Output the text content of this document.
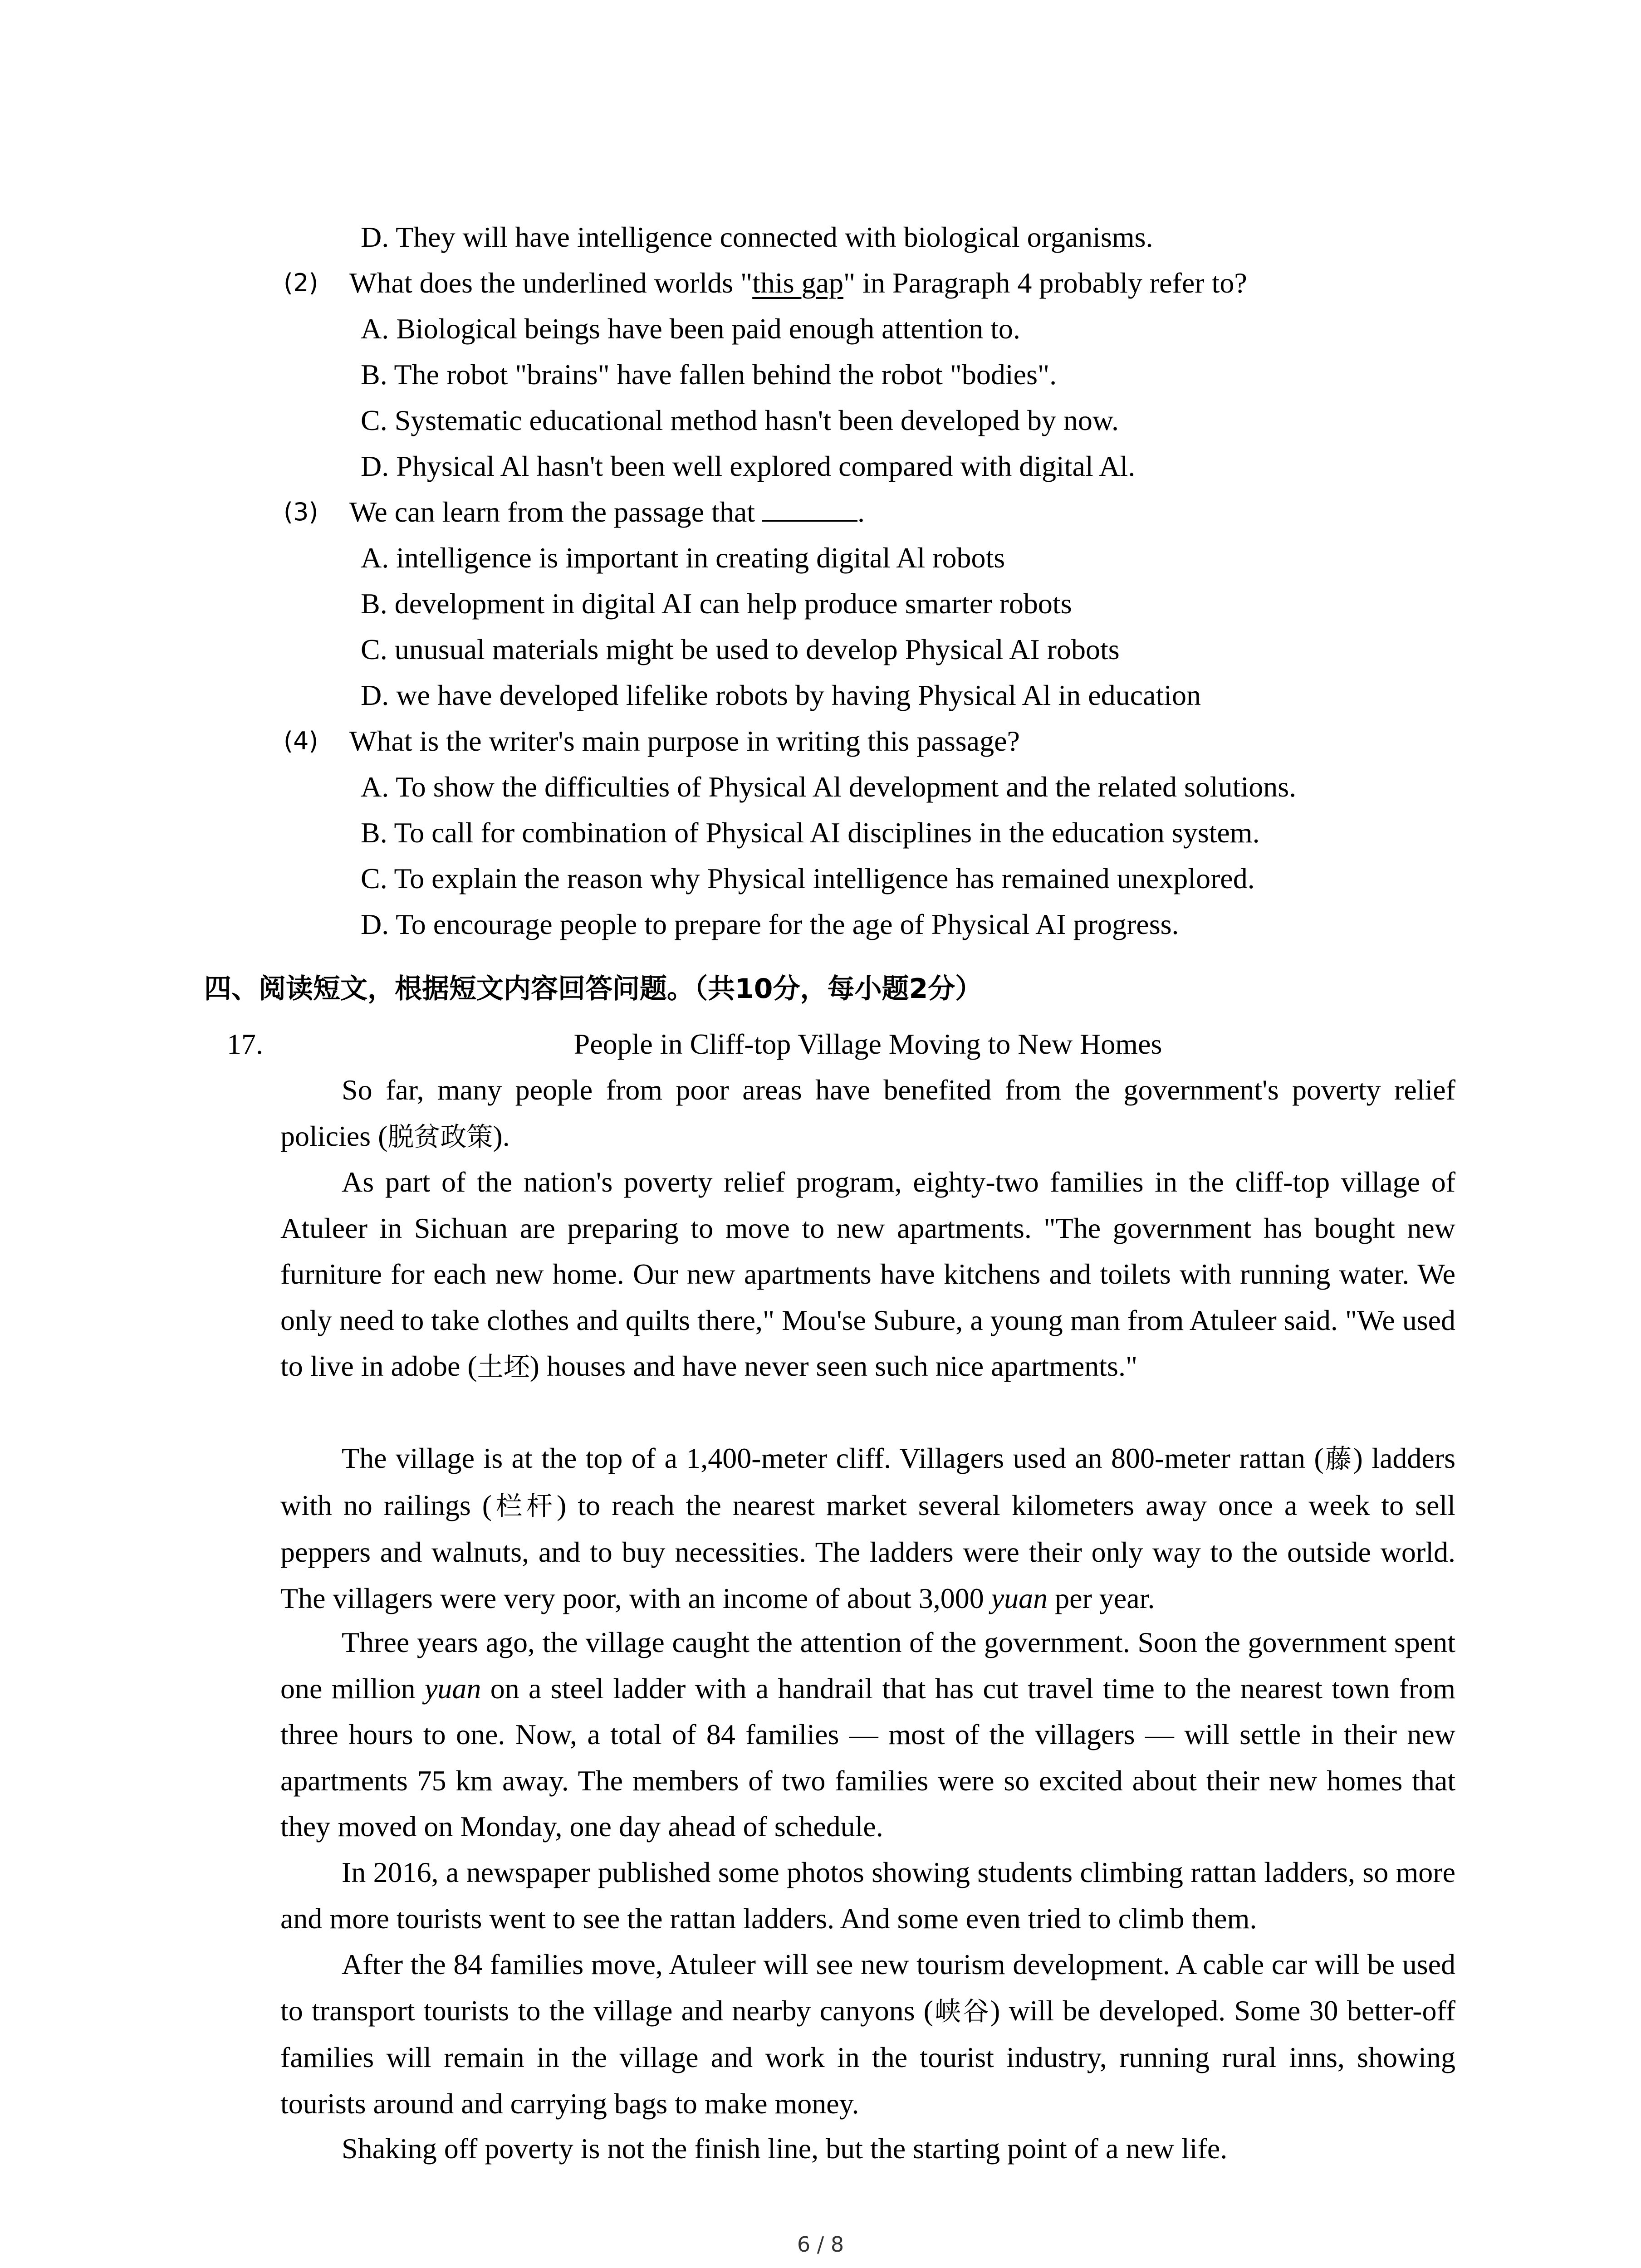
D. They will have intelligence connected with biological organisms.
(2) What does the underlined worlds "this gap" in Paragraph 4 probably refer to?
A. Biological beings have been paid enough attention to.
B. The robot "brains" have fallen behind the robot "bodies".
C. Systematic educational method hasn't been developed by now.
D. Physical Al hasn't been well explored compared with digital Al.
(3) We can learn from the passage that	.
A. intelligence is important in creating digital Al robots
B. development in digital AI can help produce smarter robots
C. unusual materials might be used to develop Physical AI robots
D. we have developed lifelike robots by having Physical Al in education
(4) What is the writer's main purpose in writing this passage?
A. To show the difficulties of Physical Al development and the related solutions.
B. To call for combination of Physical AI disciplines in the education system.
C. To explain the reason why Physical intelligence has remained unexplored.
D. To encourage people to prepare for the age of Physical AI progress.
四、阅读短文，根据短文内容回答问题。（共10分，每小题2分）
17.	People in Cliff-top Village Moving to New Homes
So far, many people from poor areas have benefited from the government's poverty relief policies (脱贫政策).
As part of the nation's poverty relief program, eighty-two families in the cliff-top village of Atuleer in Sichuan are preparing to move to new apartments. "The government has bought new furniture for each new home. Our new apartments have kitchens and toilets with running water. We only need to take clothes and quilts there," Mou'se Subure, a young man from Atuleer said. "We used to live in adobe (土坯) houses and have never seen such nice apartments."
The village is at the top of a 1,400-meter cliff. Villagers used an 800-meter rattan (藤) ladders with no railings (栏杆) to reach the nearest market several kilometers away once a week to sell peppers and walnuts, and to buy necessities. The ladders were their only way to the outside world. The villagers were very poor, with an income of about 3,000 yuan per year.
Three years ago, the village caught the attention of the government. Soon the government spent one million yuan on a steel ladder with a handrail that has cut travel time to the nearest town from three hours to one. Now, a total of 84 families — most of the villagers — will settle in their new apartments 75 km away. The members of two families were so excited about their new homes that they moved on Monday, one day ahead of schedule.
In 2016, a newspaper published some photos showing students climbing rattan ladders, so more and more tourists went to see the rattan ladders. And some even tried to climb them.
After the 84 families move, Atuleer will see new tourism development. A cable car will be used to transport tourists to the village and nearby canyons (峡谷) will be developed. Some 30 better-off families will remain in the village and work in the tourist industry, running rural inns, showing tourists around and carrying bags to make money.
Shaking off poverty is not the finish line, but the starting point of a new life.
6 / 8
